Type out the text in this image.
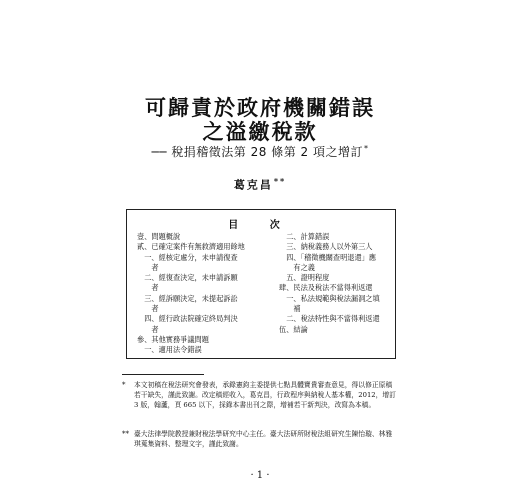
可歸責於政府機關錯誤
之溢繳稅款
── 稅捐稽徵法第 28 條第 2 項之增訂*
葛克昌**
目 次
壹、問題概說
貳、已確定案件有無救濟適用餘地
　一、經核定處分，未申請復查
　　者
　二、經復查決定，未申請訴願
　　者
　三、經訴願決定，未提起訴訟
　　者
　四、經行政法院確定終局判決
　　者
參、其他實務爭議問題
　一、適用法令錯誤
　二、計算錯誤
　三、納稅義務人以外第三人
　四、「稽徵機關查明退還」應
　　有之義
　五、證明程度
肆、民法及稅法不當得利返還
　一、私法規範與稅法漏洞之填
　　補
　二、稅法特性與不當得利返還
伍、結論
* 本文初稿在稅法研究會發表，承錄憲鈞主委提供七點具體寶貴審查意見，得以修正原稿若干缺失，謹此致謝。改定稿經收入，葛克昌，行政程序與納稅人基本權，2012，增訂 3 版，翰蘆，頁 665 以下，採錄本書出刊之際，增補若干新判決，改寫為本稿。
** 臺大法律學院教授兼財稅法學研究中心主任。臺大法研所財稅法組研究生陳怡璇、林雅琪蒐集資料、整理文字，謹此致謝。
· 1 ·
